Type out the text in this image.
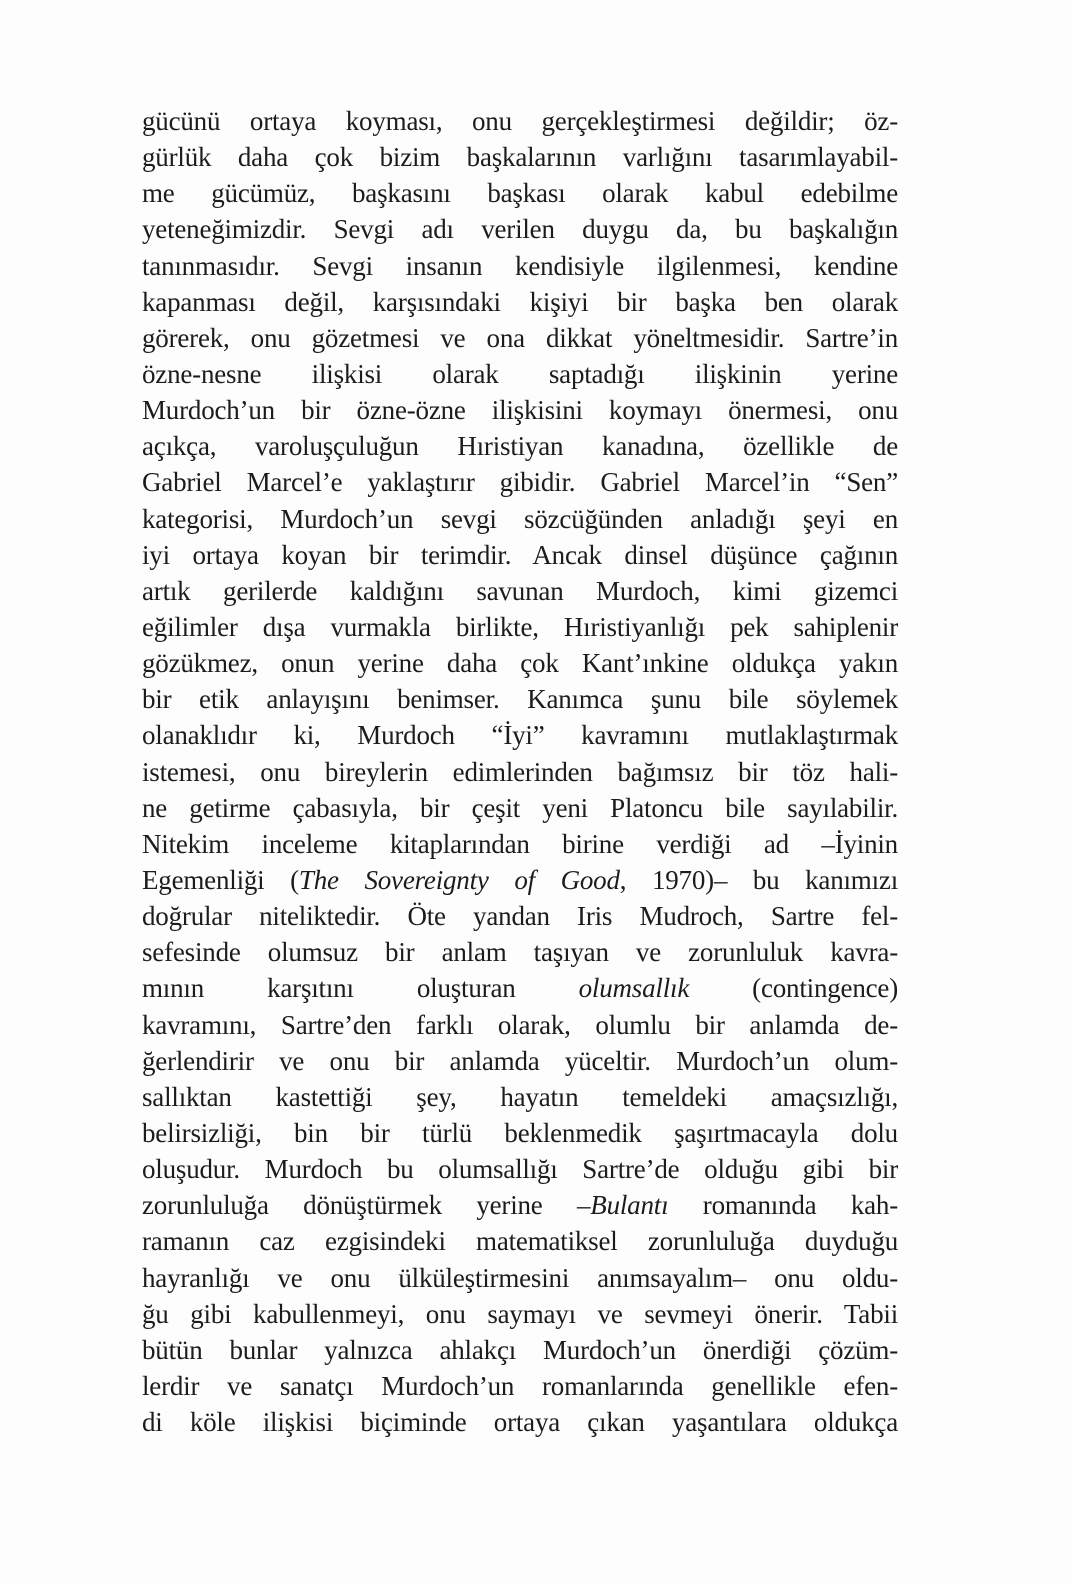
gücünü ortaya koyması, onu gerçekleştirmesi değildir; öz-
gürlük daha çok bizim başkalarının varlığını tasarımlayabil-
me gücümüz, başkasını başkası olarak kabul edebilme
yeteneğimizdir. Sevgi adı verilen duygu da, bu başkalığın
tanınmasıdır. Sevgi insanın kendisiyle ilgilenmesi, kendine
kapanması değil, karşısındaki kişiyi bir başka ben olarak
görerek, onu gözetmesi ve ona dikkat yöneltmesidir. Sartre’in
özne-nesne ilişkisi olarak saptadığı ilişkinin yerine
Murdoch’un bir özne-özne ilişkisini koymayı önermesi, onu
açıkça, varoluşçuluğun Hıristiyan kanadına, özellikle de
Gabriel Marcel’e yaklaştırır gibidir. Gabriel Marcel’in “Sen”
kategorisi, Murdoch’un sevgi sözcüğünden anladığı şeyi en
iyi ortaya koyan bir terimdir. Ancak dinsel düşünce çağının
artık gerilerde kaldığını savunan Murdoch, kimi gizemci
eğilimler dışa vurmakla birlikte, Hıristiyanlığı pek sahiplenir
gözükmez, onun yerine daha çok Kant’ınkine oldukça yakın
bir etik anlayışını benimser. Kanımca şunu bile söylemek
olanaklıdır ki, Murdoch “İyi” kavramını mutlaklaştırmak
istemesi, onu bireylerin edimlerinden bağımsız bir töz hali-
ne getirme çabasıyla, bir çeşit yeni Platoncu bile sayılabilir.
Nitekim inceleme kitaplarından birine verdiği ad –İyinin
Egemenliği (The Sovereignty of Good, 1970)– bu kanımızı
doğrular niteliktedir. Öte yandan Iris Mudroch, Sartre fel-
sefesinde olumsuz bir anlam taşıyan ve zorunluluk kavra-
mının karşıtını oluşturan olumsallık (contingence)
kavramını, Sartre’den farklı olarak, olumlu bir anlamda de-
ğerlendirir ve onu bir anlamda yüceltir. Murdoch’un olum-
sallıktan kastettiği şey, hayatın temeldeki amaçsızlığı,
belirsizliği, bin bir türlü beklenmedik şaşırtmacayla dolu
oluşudur. Murdoch bu olumsallığı Sartre’de olduğu gibi bir
zorunluluğa dönüştürmek yerine –Bulantı romanında kah-
ramanın caz ezgisindeki matematiksel zorunluluğa duyduğu
hayranlığı ve onu ülküleştirmesini anımsayalım– onu oldu-
ğu gibi kabullenmeyi, onu saymayı ve sevmeyi önerir. Tabii
bütün bunlar yalnızca ahlakçı Murdoch’un önerdiği çözüm-
lerdir ve sanatçı Murdoch’un romanlarında genellikle efen-
di köle ilişkisi biçiminde ortaya çıkan yaşantılara oldukça
